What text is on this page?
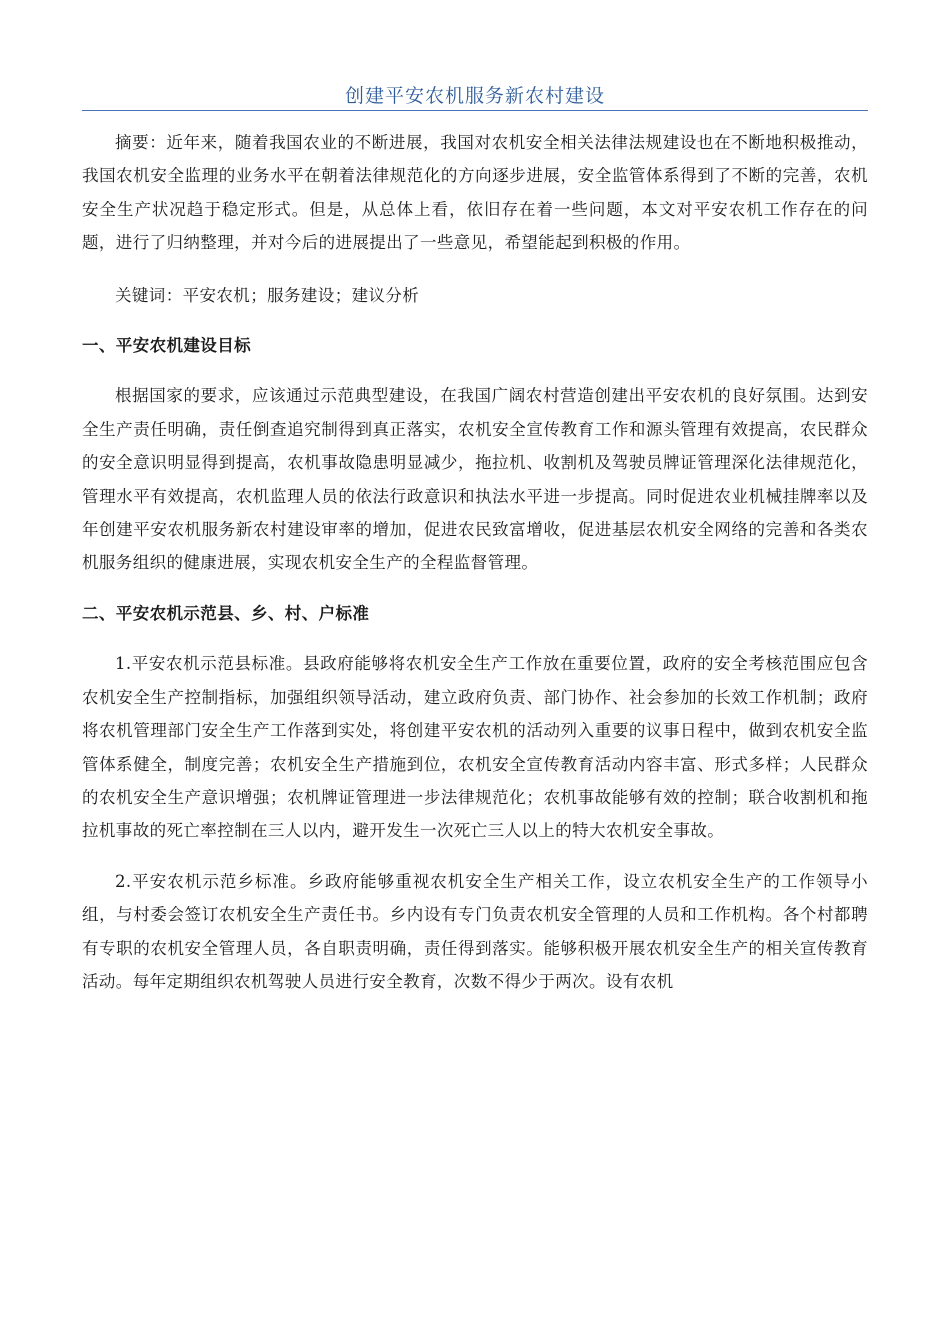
创建平安农机服务新农村建设

摘要：近年来，随着我国农业的不断进展，我国对农机安全相关法律法规建设也在不断地积极推动，我国农机安全监理的业务水平在朝着法律规范化的方向逐步进展，安全监管体系得到了不断的完善，农机安全生产状况趋于稳定形式。但是，从总体上看，依旧存在着一些问题，本文对平安农机工作存在的问题，进行了归纳整理，并对今后的进展提出了一些意见，希望能起到积极的作用。

关键词：平安农机；服务建设；建议分析

一、平安农机建设目标

根据国家的要求，应该通过示范典型建设，在我国广阔农村营造创建出平安农机的良好氛围。达到安全生产责任明确，责任倒查追究制得到真正落实，农机安全宣传教育工作和源头管理有效提高，农民群众的安全意识明显得到提高，农机事故隐患明显减少，拖拉机、收割机及驾驶员牌证管理深化法律规范化，管理水平有效提高，农机监理人员的依法行政意识和执法水平进一步提高。同时促进农业机械挂牌率以及年创建平安农机服务新农村建设审率的增加，促进农民致富增收，促进基层农机安全网络的完善和各类农机服务组织的健康进展，实现农机安全生产的全程监督管理。

二、平安农机示范县、乡、村、户标准

1.平安农机示范县标准。县政府能够将农机安全生产工作放在重要位置，政府的安全考核范围应包含农机安全生产控制指标，加强组织领导活动，建立政府负责、部门协作、社会参加的长效工作机制；政府将农机管理部门安全生产工作落到实处，将创建平安农机的活动列入重要的议事日程中，做到农机安全监管体系健全，制度完善；农机安全生产措施到位，农机安全宣传教育活动内容丰富、形式多样；人民群众的农机安全生产意识增强；农机牌证管理进一步法律规范化；农机事故能够有效的控制；联合收割机和拖拉机事故的死亡率控制在三人以内，避开发生一次死亡三人以上的特大农机安全事故。

2.平安农机示范乡标准。乡政府能够重视农机安全生产相关工作，设立农机安全生产的工作领导小组，与村委会签订农机安全生产责任书。乡内设有专门负责农机安全管理的人员和工作机构。各个村都聘有专职的农机安全管理人员，各自职责明确，责任得到落实。能够积极开展农机安全生产的相关宣传教育活动。每年定期组织农机驾驶人员进行安全教育，次数不得少于两次。设有农机
